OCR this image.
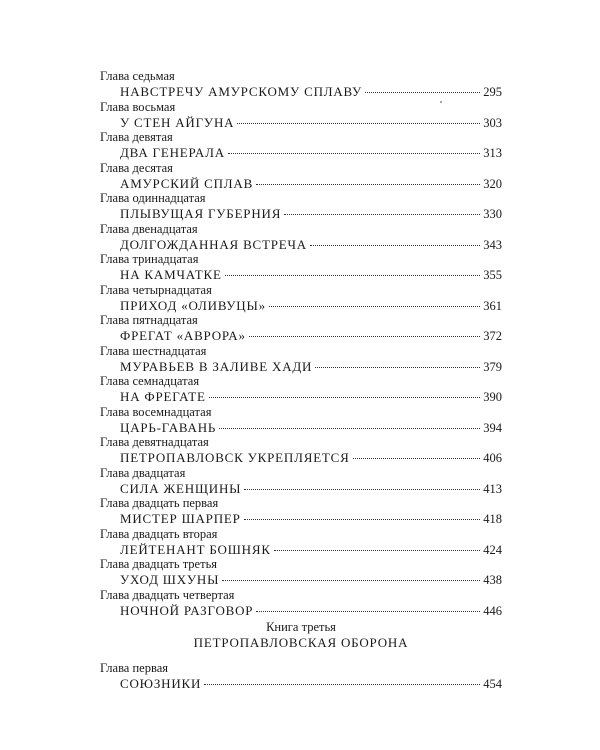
Глава седьмая
НАВСТРЕЧУ АМУРСКОМУ СПЛАВУ	295
Глава восьмая
У СТЕН АЙГУНА	303
Глава девятая
ДВА ГЕНЕРАЛА	313
Глава десятая
АМУРСКИЙ СПЛАВ	320
Глава одиннадцатая
ПЛЫВУЩАЯ ГУБЕРНИЯ	330
Глава двенадцатая
ДОЛГОЖДАННАЯ ВСТРЕЧА	343
Глава тринадцатая
НА КАМЧАТКЕ	355
Глава четырнадцатая
ПРИХОД «ОЛИВУЦЫ»	361
Глава пятнадцатая
ФРЕГАТ «АВРОРА»	372
Глава шестнадцатая
МУРАВЬЕВ В ЗАЛИВЕ ХАДИ	379
Глава семнадцатая
НА ФРЕГАТЕ	390
Глава восемнадцатая
ЦАРЬ-ГАВАНЬ	394
Глава девятнадцатая
ПЕТРОПАВЛОВСК УКРЕПЛЯЕТСЯ	406
Глава двадцатая
СИЛА ЖЕНЩИНЫ	413
Глава двадцать первая
МИСТЕР ШАРПЕР	418
Глава двадцать вторая
ЛЕЙТЕНАНТ БОШНЯК	424
Глава двадцать третья
УХОД ШХУНЫ	438
Глава двадцать четвертая
НОЧНОЙ РАЗГОВОР	446
Книга третья
ПЕТРОПАВЛОВСКАЯ ОБОРОНА
Глава первая
СОЮЗНИКИ	454
